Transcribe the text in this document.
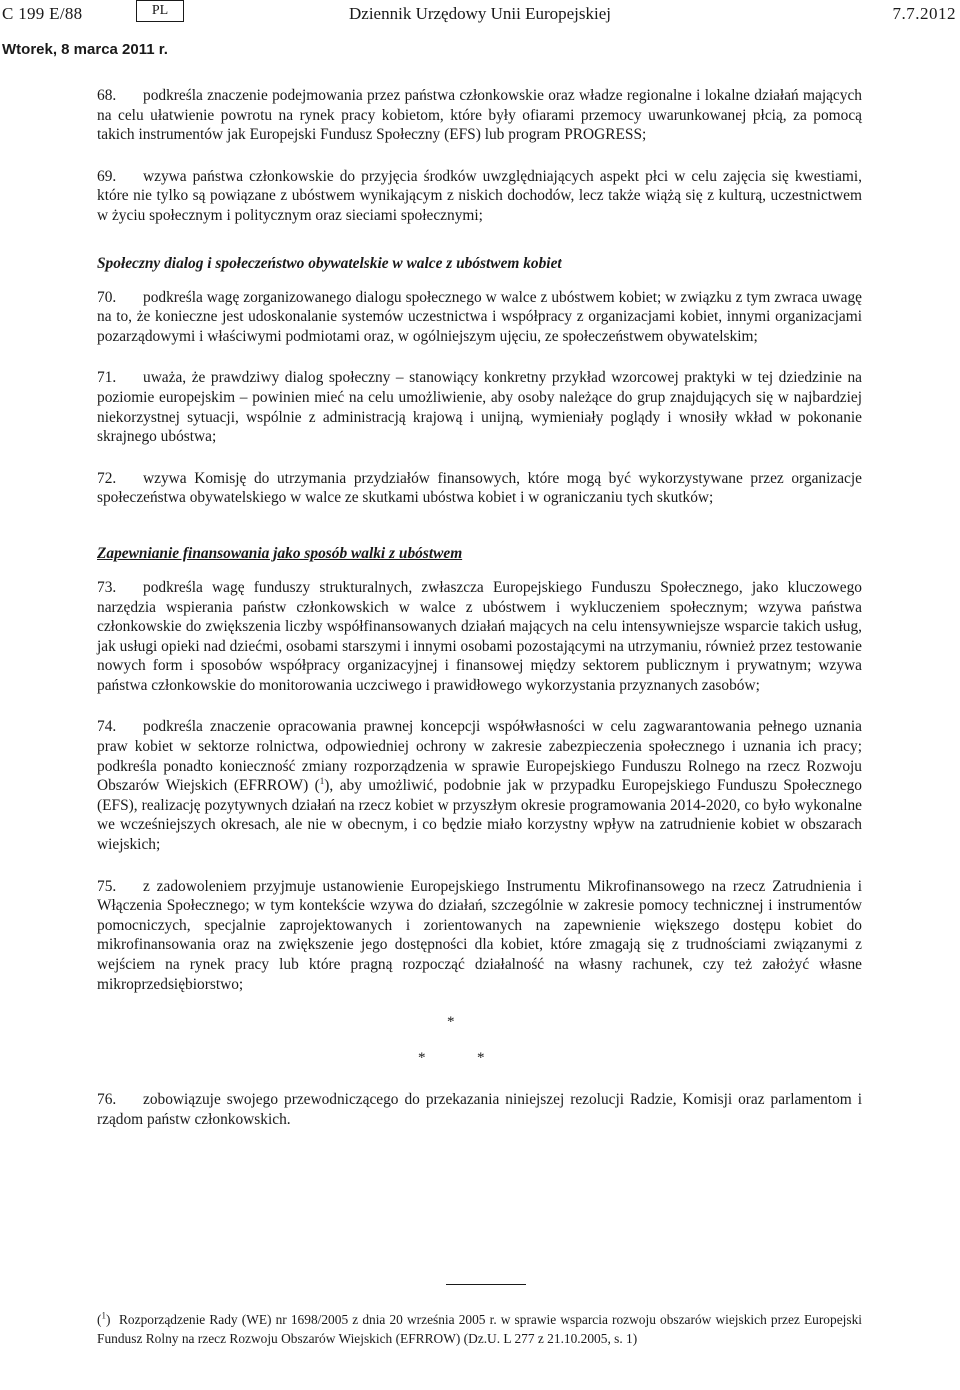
C 199 E/88	PL	Dziennik Urzędowy Unii Europejskiej	7.7.2012
Wtorek, 8 marca 2011 r.

68. podkreśla znaczenie podejmowania przez państwa członkowskie oraz władze regionalne i lokalne działań mających na celu ułatwienie powrotu na rynek pracy kobietom, które były ofiarami przemocy uwarunkowanej płcią, za pomocą takich instrumentów jak Europejski Fundusz Społeczny (EFS) lub program PROGRESS;

69. wzywa państwa członkowskie do przyjęcia środków uwzględniających aspekt płci w celu zajęcia się kwestiami, które nie tylko są powiązane z ubóstwem wynikającym z niskich dochodów, lecz także wiążą się z kulturą, uczestnictwem w życiu społecznym i politycznym oraz sieciami społecznymi;

Społeczny dialog i społeczeństwo obywatelskie w walce z ubóstwem kobiet

70. podkreśla wagę zorganizowanego dialogu społecznego w walce z ubóstwem kobiet; w związku z tym zwraca uwagę na to, że konieczne jest udoskonalanie systemów uczestnictwa i współpracy z organizacjami kobiet, innymi organizacjami pozarządowymi i właściwymi podmiotami oraz, w ogólniejszym ujęciu, ze społeczeństwem obywatelskim;

71. uważa, że prawdziwy dialog społeczny – stanowiący konkretny przykład wzorcowej praktyki w tej dziedzinie na poziomie europejskim – powinien mieć na celu umożliwienie, aby osoby należące do grup znajdujących się w najbardziej niekorzystnej sytuacji, wspólnie z administracją krajową i unijną, wymieniały poglądy i wnosiły wkład w pokonanie skrajnego ubóstwa;

72. wzywa Komisję do utrzymania przydziałów finansowych, które mogą być wykorzystywane przez organizacje społeczeństwa obywatelskiego w walce ze skutkami ubóstwa kobiet i w ograniczaniu tych skutków;

Zapewnianie finansowania jako sposób walki z ubóstwem

73. podkreśla wagę funduszy strukturalnych, zwłaszcza Europejskiego Funduszu Społecznego, jako kluczowego narzędzia wspierania państw członkowskich w walce z ubóstwem i wykluczeniem społecznym; wzywa państwa członkowskie do zwiększenia liczby współfinansowanych działań mających na celu intensywniejsze wsparcie takich usług, jak usługi opieki nad dziećmi, osobami starszymi i innymi osobami pozostającymi na utrzymaniu, również przez testowanie nowych form i sposobów współpracy organizacyjnej i finansowej między sektorem publicznym i prywatnym; wzywa państwa członkowskie do monitorowania uczciwego i prawidłowego wykorzystania przyznanych zasobów;

74. podkreśla znaczenie opracowania prawnej koncepcji współwłasności w celu zagwarantowania pełnego uznania praw kobiet w sektorze rolnictwa, odpowiedniej ochrony w zakresie zabezpieczenia społecznego i uznania ich pracy; podkreśla ponadto konieczność zmiany rozporządzenia w sprawie Europejskiego Funduszu Rolnego na rzecz Rozwoju Obszarów Wiejskich (EFRROW) ($^1$), aby umożliwić, podobnie jak w przypadku Europejskiego Funduszu Społecznego (EFS), realizację pozytywnych działań na rzecz kobiet w przyszłym okresie programowania 2014-2020, co było wykonalne we wcześniejszych okresach, ale nie w obecnym, i co będzie miało korzystny wpływ na zatrudnienie kobiet w obszarach wiejskich;

75. z zadowoleniem przyjmuje ustanowienie Europejskiego Instrumentu Mikrofinansowego na rzecz Zatrudnienia i Włączenia Społecznego; w tym kontekście wzywa do działań, szczególnie w zakresie pomocy technicznej i instrumentów pomocniczych, specjalnie zaprojektowanych i zorientowanych na zapewnienie większego dostępu kobiet do mikrofinansowania oraz na zwiększenie jego dostępności dla kobiet, które zmagają się z trudnościami związanymi z wejściem na rynek pracy lub które pragną rozpocząć działalność na własny rachunek, czy też założyć własne mikroprzedsiębiorstwo;

*
*	*

76. zobowiązuje swojego przewodniczącego do przekazania niniejszej rezolucji Radzie, Komisji oraz parlamentom i rządom państw członkowskich.

($^1$) Rozporządzenie Rady (WE) nr 1698/2005 z dnia 20 września 2005 r. w sprawie wsparcia rozwoju obszarów wiejskich przez Europejski Fundusz Rolny na rzecz Rozwoju Obszarów Wiejskich (EFRROW) (Dz.U. L 277 z 21.10.2005, s. 1)
